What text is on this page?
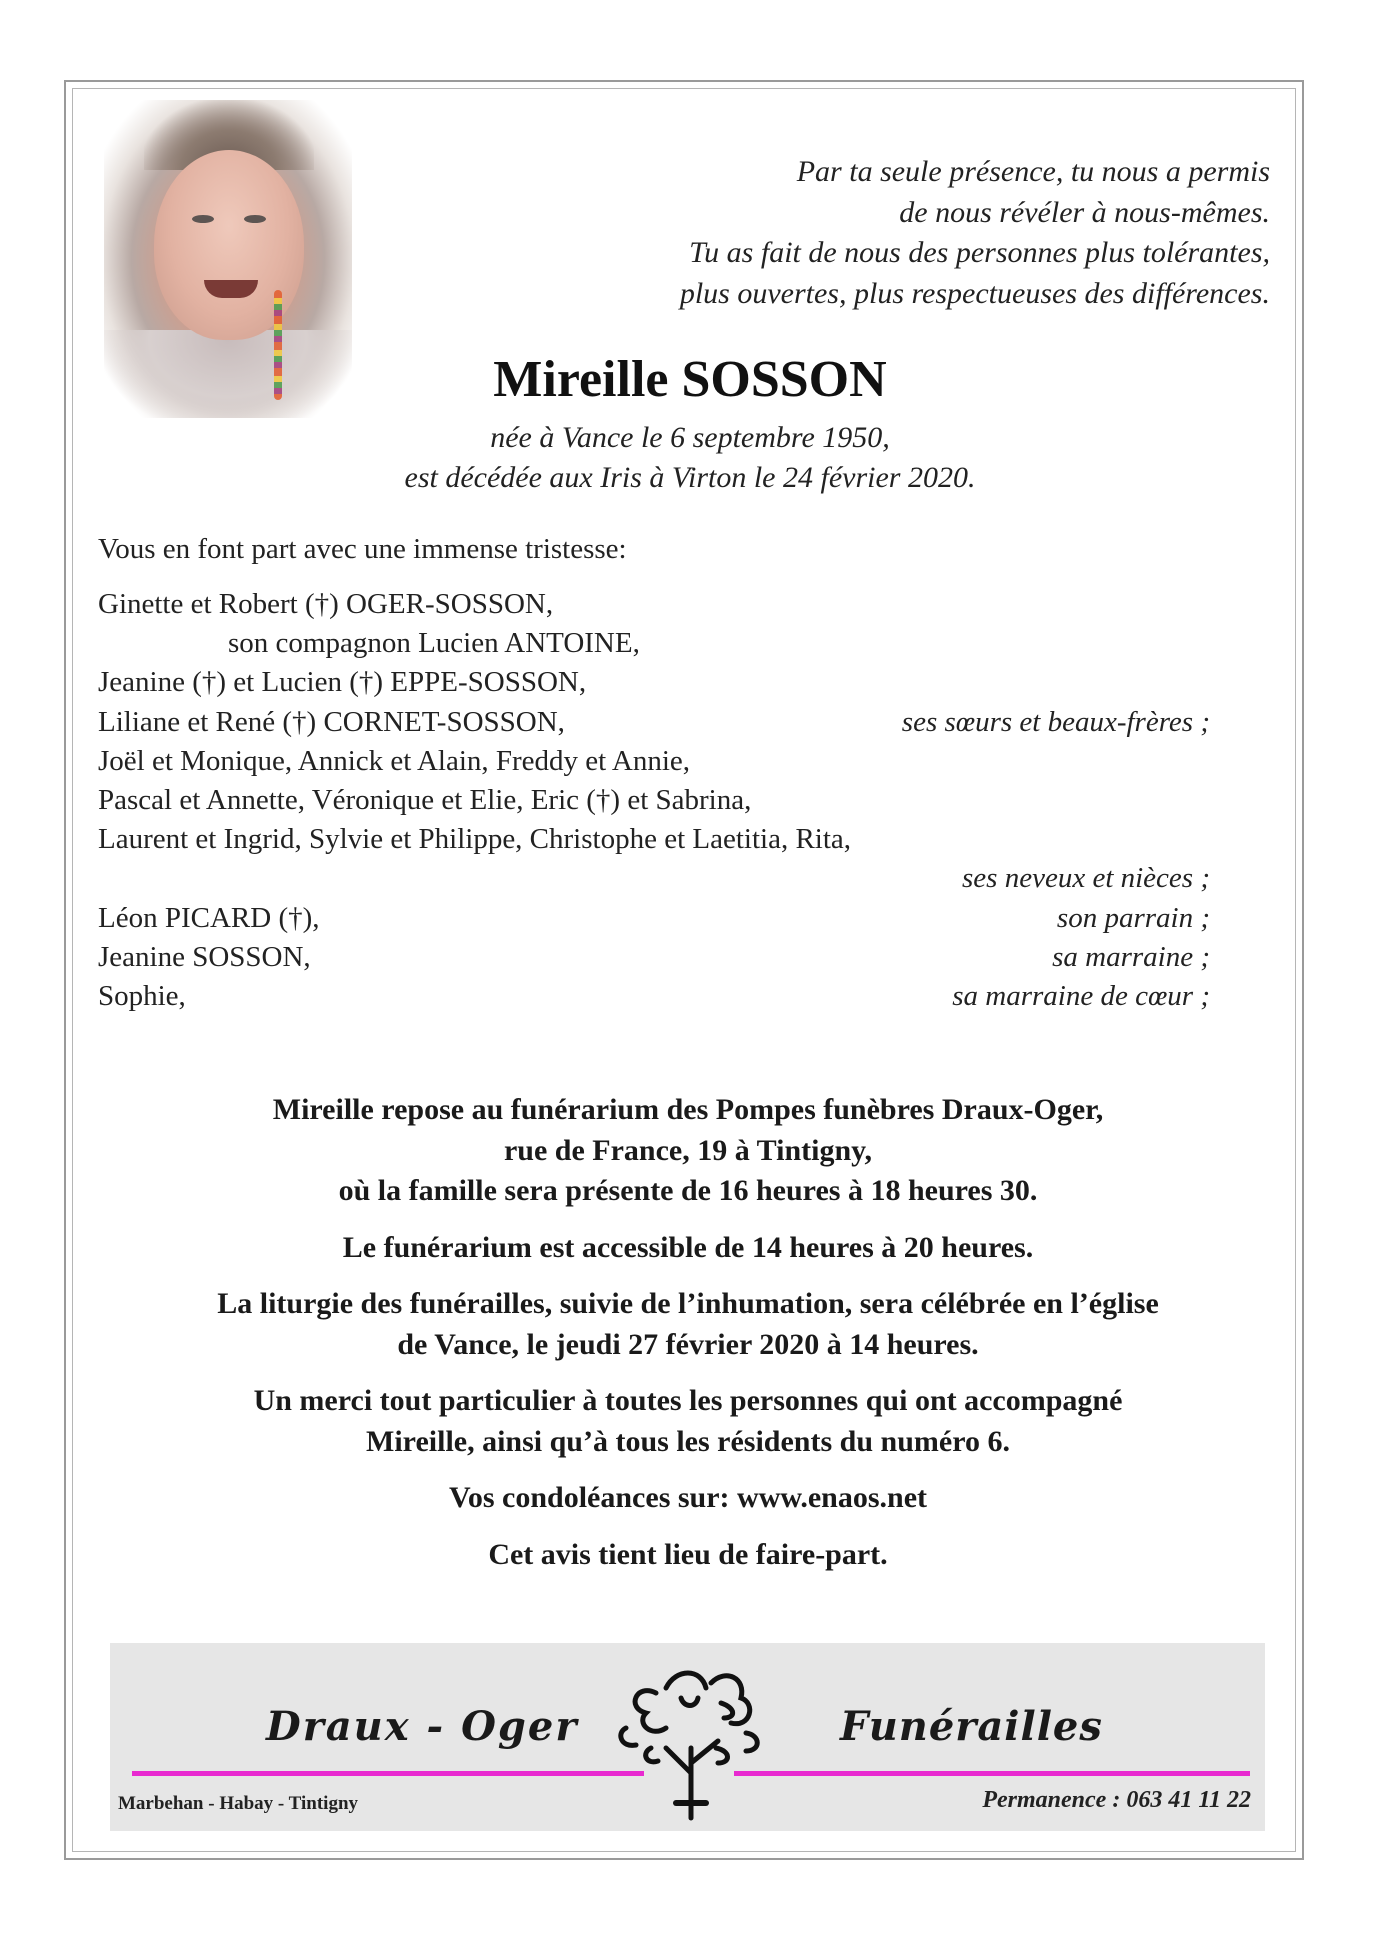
Par ta seule présence, tu nous a permis
de nous révéler à nous-mêmes.
Tu as fait de nous des personnes plus tolérantes,
plus ouvertes, plus respectueuses des différences.
Mireille SOSSON
née à Vance le 6 septembre 1950,
est décédée aux Iris à Virton le 24 février 2020.
Vous en font part avec une immense tristesse:
Ginette et Robert (†) OGER-SOSSON,
son compagnon Lucien ANTOINE,
Jeanine (†) et Lucien (†) EPPE-SOSSON,
Liliane et René (†) CORNET-SOSSON,	ses sœurs et beaux-frères ;
Joël et Monique, Annick et Alain, Freddy et Annie,
Pascal et Annette, Véronique et Elie, Eric (†) et Sabrina,
Laurent et Ingrid, Sylvie et Philippe, Christophe et Laetitia, Rita,
ses neveux et nièces ;
Léon PICARD (†),	son parrain ;
Jeanine SOSSON,	sa marraine ;
Sophie,	sa marraine de cœur ;

Mireille repose au funérarium des Pompes funèbres Draux-Oger,

rue de France, 19 à Tintigny,

où la famille sera présente de 16 heures à 18 heures 30.

Le funérarium est accessible de 14 heures à 20 heures.

La liturgie des funérailles, suivie de l’inhumation, sera célébrée en l’église

de Vance, le jeudi 27 février 2020 à 14 heures.

Un merci tout particulier à toutes les personnes qui ont accompagné

Mireille, ainsi qu’à tous les résidents du numéro 6.

Vos condoléances sur: www.enaos.net

Cet avis tient lieu de faire-part.

Draux - Oger	Funérailles
Marbehan - Habay - Tintigny	Permanence : 063 41 11 22
